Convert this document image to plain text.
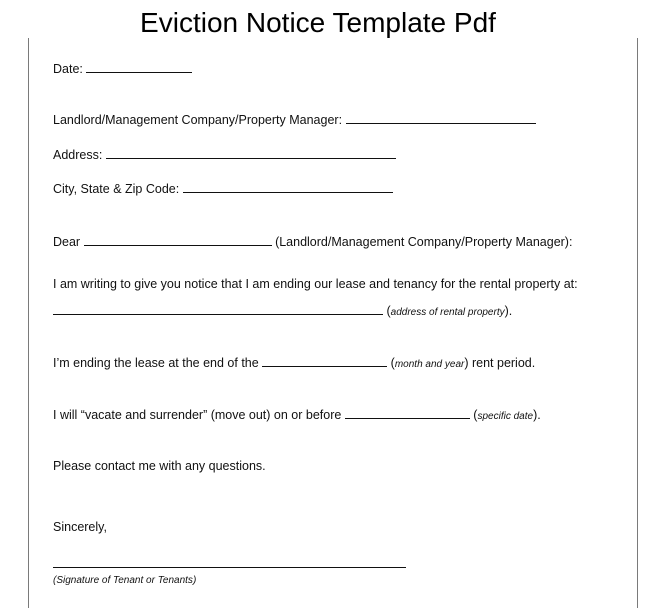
Eviction Notice Template Pdf
Date:
Landlord/Management Company/Property Manager:
Address:
City, State & Zip Code:
Dear	(Landlord/Management Company/Property Manager):
I am writing to give you notice that I am ending our lease and tenancy for the rental property at:
(address of rental property).
I’m ending the lease at the end of the	(month and year) rent period.
I will “vacate and surrender” (move out) on or before	(specific date).
Please contact me with any questions.
Sincerely,
(Signature of Tenant or Tenants)
